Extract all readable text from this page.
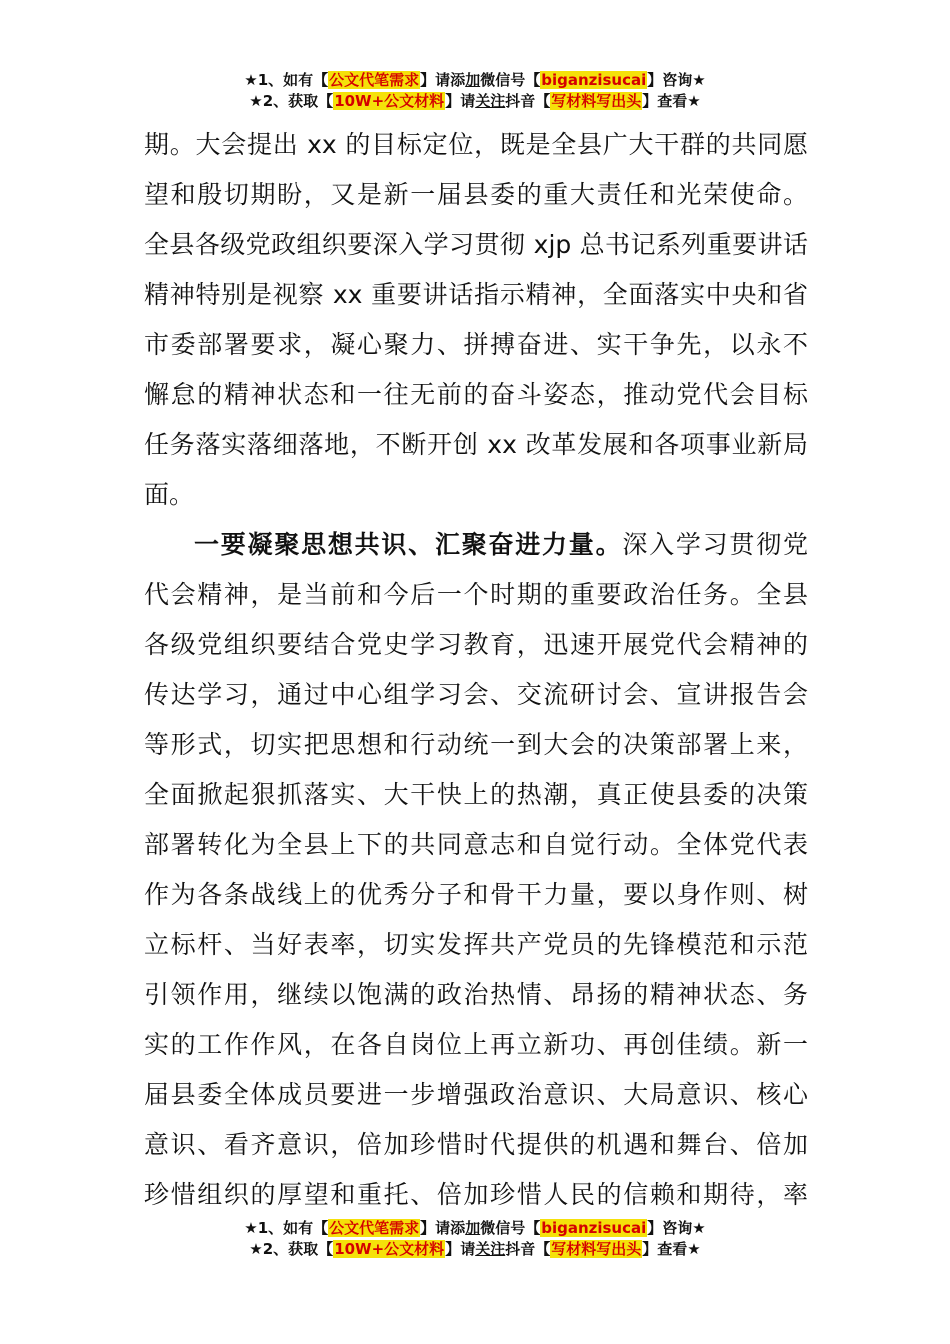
★1、如有【公文代笔需求】请添加微信号【biganzisucai】咨询★
★2、获取【10W+公文材料】请关注抖音【写材料写出头】查看★
期。大会提出 xx 的目标定位，既是全县广大干群的共同愿
望和殷切期盼，又是新一届县委的重大责任和光荣使命。
全县各级党政组织要深入学习贯彻 xjp 总书记系列重要讲话
精神特别是视察 xx 重要讲话指示精神，全面落实中央和省
市委部署要求，凝心聚力、拼搏奋进、实干争先，以永不
懈怠的精神状态和一往无前的奋斗姿态，推动党代会目标
任务落实落细落地，不断开创 xx 改革发展和各项事业新局
面。
一要凝聚思想共识、汇聚奋进力量。深入学习贯彻党
代会精神，是当前和今后一个时期的重要政治任务。全县
各级党组织要结合党史学习教育，迅速开展党代会精神的
传达学习，通过中心组学习会、交流研讨会、宣讲报告会
等形式，切实把思想和行动统一到大会的决策部署上来，
全面掀起狠抓落实、大干快上的热潮，真正使县委的决策
部署转化为全县上下的共同意志和自觉行动。全体党代表
作为各条战线上的优秀分子和骨干力量，要以身作则、树
立标杆、当好表率，切实发挥共产党员的先锋模范和示范
引领作用，继续以饱满的政治热情、昂扬的精神状态、务
实的工作作风，在各自岗位上再立新功、再创佳绩。新一
届县委全体成员要进一步增强政治意识、大局意识、核心
意识、看齐意识，倍加珍惜时代提供的机遇和舞台、倍加
珍惜组织的厚望和重托、倍加珍惜人民的信赖和期待，率
★1、如有【公文代笔需求】请添加微信号【biganzisucai】咨询★
★2、获取【10W+公文材料】请关注抖音【写材料写出头】查看★
